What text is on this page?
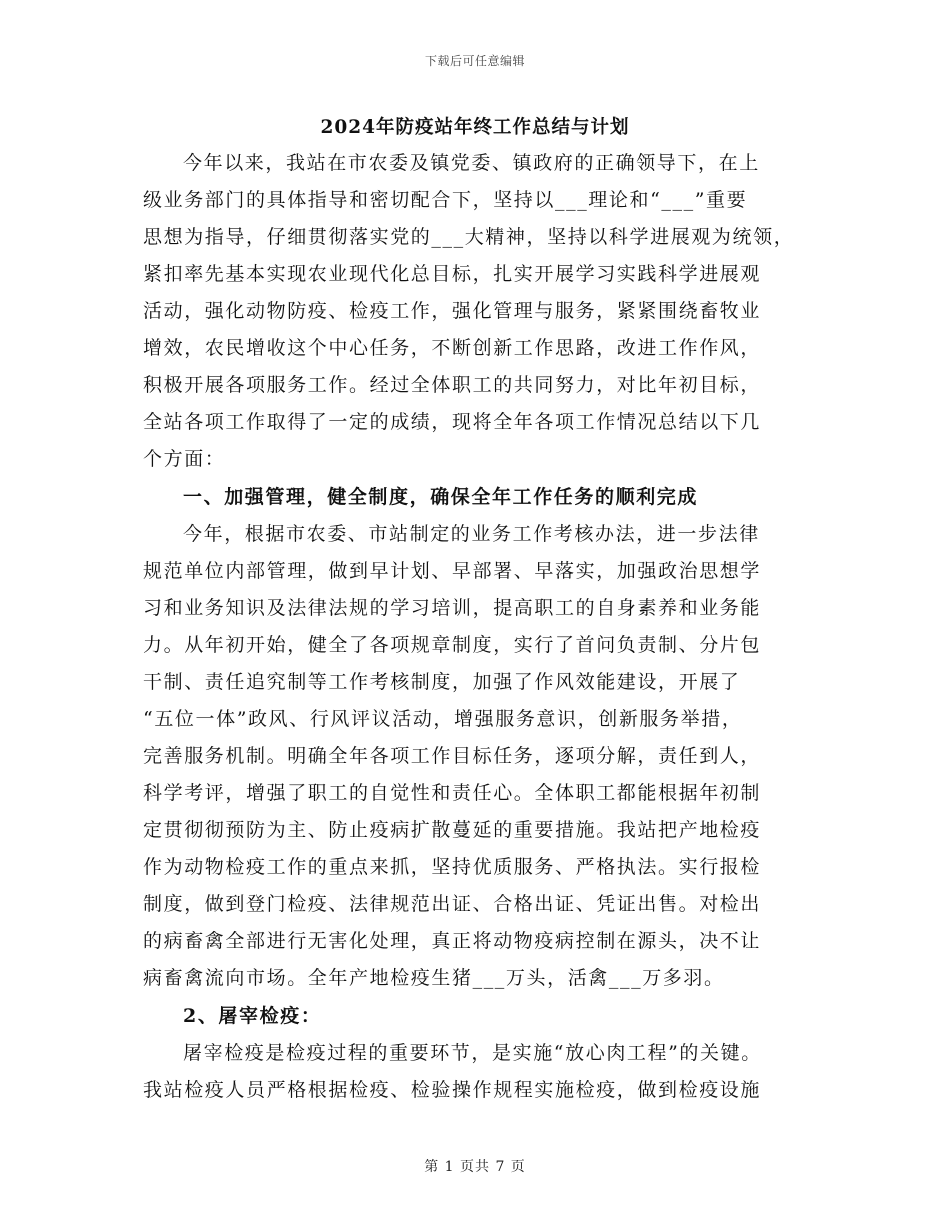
下载后可任意编辑
2024年防疫站年终工作总结与计划
今年以来，我站在市农委及镇党委、镇政府的正确领导下，在上
级业务部门的具体指导和密切配合下，坚持以___理论和“___”重要
思想为指导，仔细贯彻落实党的___大精神，坚持以科学进展观为统领，
紧扣率先基本实现农业现代化总目标，扎实开展学习实践科学进展观
活动，强化动物防疫、检疫工作，强化管理与服务，紧紧围绕畜牧业
增效，农民增收这个中心任务，不断创新工作思路，改进工作作风，
积极开展各项服务工作。经过全体职工的共同努力，对比年初目标，
全站各项工作取得了一定的成绩，现将全年各项工作情况总结以下几
个方面：
一、加强管理，健全制度，确保全年工作任务的顺利完成
今年，根据市农委、市站制定的业务工作考核办法，进一步法律
规范单位内部管理，做到早计划、早部署、早落实，加强政治思想学
习和业务知识及法律法规的学习培训，提高职工的自身素养和业务能
力。从年初开始，健全了各项规章制度，实行了首问负责制、分片包
干制、责任追究制等工作考核制度，加强了作风效能建设，开展了
“五位一体”政风、行风评议活动，增强服务意识，创新服务举措，
完善服务机制。明确全年各项工作目标任务，逐项分解，责任到人，
科学考评，增强了职工的自觉性和责任心。全体职工都能根据年初制
定贯彻彻预防为主、防止疫病扩散蔓延的重要措施。我站把产地检疫
作为动物检疫工作的重点来抓，坚持优质服务、严格执法。实行报检
制度，做到登门检疫、法律规范出证、合格出证、凭证出售。对检出
的病畜禽全部进行无害化处理，真正将动物疫病控制在源头，决不让
病畜禽流向市场。全年产地检疫生猪___万头，活禽___万多羽。
2、屠宰检疫：
屠宰检疫是检疫过程的重要环节，是实施“放心肉工程”的关键。
我站检疫人员严格根据检疫、检验操作规程实施检疫，做到检疫设施
第 1 页共 7 页
